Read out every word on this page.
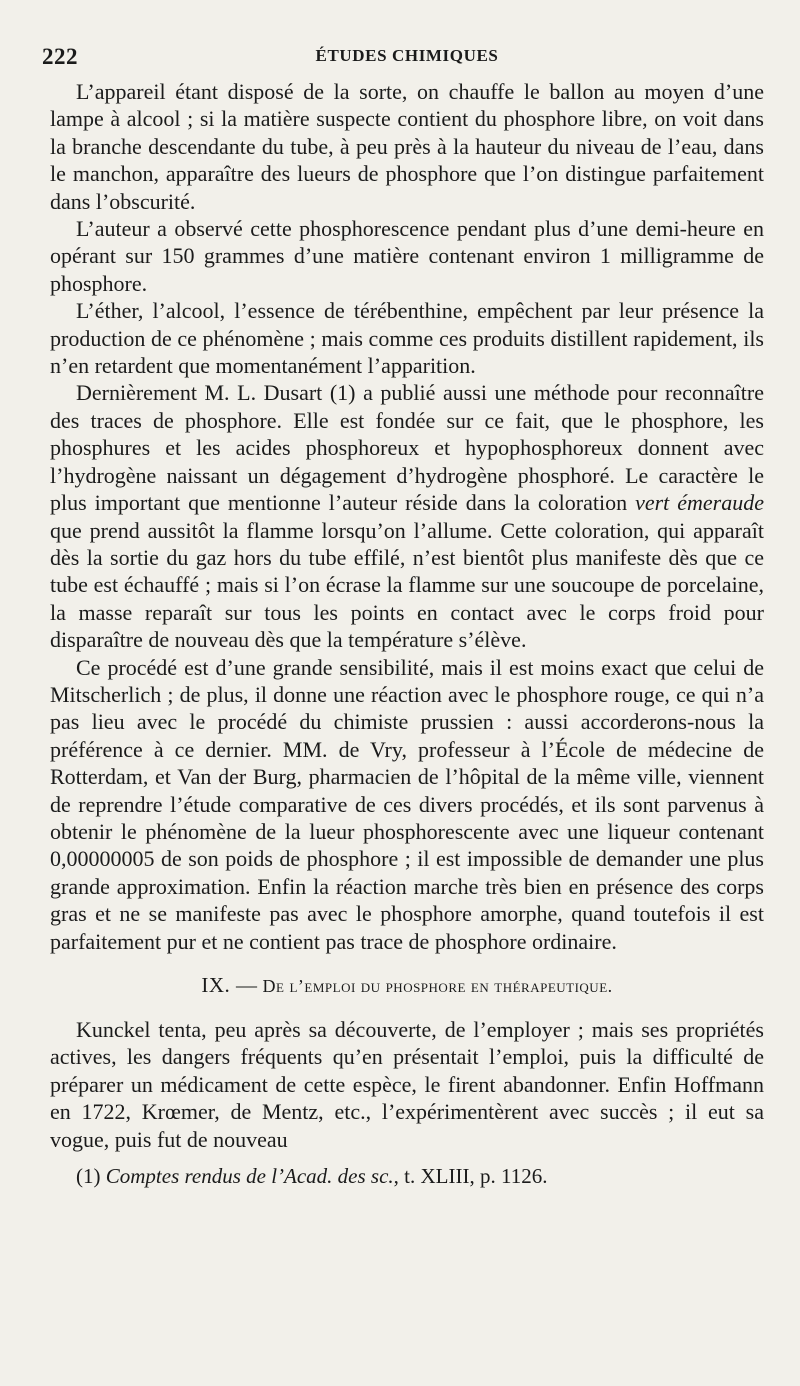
222	ÉTUDES CHIMIQUES

L’appareil étant disposé de la sorte, on chauffe le ballon au moyen d’une lampe à alcool ; si la matière suspecte contient du phosphore libre, on voit dans la branche descendante du tube, à peu près à la hauteur du niveau de l’eau, dans le manchon, apparaître des lueurs de phosphore que l’on distingue parfaitement dans l’obscurité.

L’auteur a observé cette phosphorescence pendant plus d’une demi-heure en opérant sur 150 grammes d’une matière contenant environ 1 milligramme de phosphore.

L’éther, l’alcool, l’essence de térébenthine, empêchent par leur présence la production de ce phénomène ; mais comme ces produits distillent rapidement, ils n’en retardent que momentanément l’apparition.

Dernièrement M. L. Dusart (1) a publié aussi une méthode pour reconnaître des traces de phosphore. Elle est fondée sur ce fait, que le phosphore, les phosphures et les acides phosphoreux et hypophosphoreux donnent avec l’hydrogène naissant un dégagement d’hydrogène phosphoré. Le caractère le plus important que mentionne l’auteur réside dans la coloration vert émeraude que prend aussitôt la flamme lorsqu’on l’allume. Cette coloration, qui apparaît dès la sortie du gaz hors du tube effilé, n’est bientôt plus manifeste dès que ce tube est échauffé ; mais si l’on écrase la flamme sur une soucoupe de porcelaine, la masse reparaît sur tous les points en contact avec le corps froid pour disparaître de nouveau dès que la température s’élève.

Ce procédé est d’une grande sensibilité, mais il est moins exact que celui de Mitscherlich ; de plus, il donne une réaction avec le phosphore rouge, ce qui n’a pas lieu avec le procédé du chimiste prussien : aussi accorderons-nous la préférence à ce dernier. MM. de Vry, professeur à l’École de médecine de Rotterdam, et Van der Burg, pharmacien de l’hôpital de la même ville, viennent de reprendre l’étude comparative de ces divers procédés, et ils sont parvenus à obtenir le phénomène de la lueur phosphorescente avec une liqueur contenant 0,00000005 de son poids de phosphore ; il est impossible de demander une plus grande approximation. Enfin la réaction marche très bien en présence des corps gras et ne se manifeste pas avec le phosphore amorphe, quand toutefois il est parfaitement pur et ne contient pas trace de phosphore ordinaire.

IX. — De l’emploi du phosphore en thérapeutique.

Kunckel tenta, peu après sa découverte, de l’employer ; mais ses propriétés actives, les dangers fréquents qu’en présentait l’emploi, puis la difficulté de préparer un médicament de cette espèce, le firent abandonner. Enfin Hoffmann en 1722, Krœmer, de Mentz, etc., l’expérimentèrent avec succès ; il eut sa vogue, puis fut de nouveau

(1) Comptes rendus de l’Acad. des sc., t. XLIII, p. 1126.
